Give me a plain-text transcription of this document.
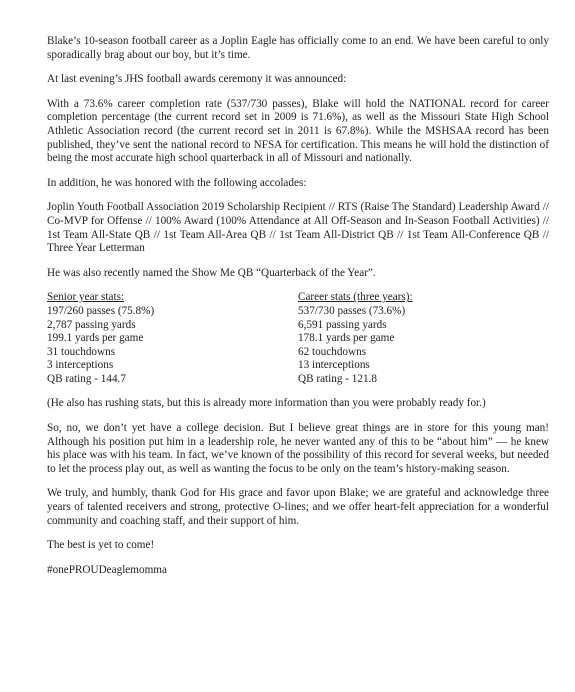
Blake’s 10-season football career as a Joplin Eagle has officially come to an end. We have been careful to only sporadically brag about our boy, but it’s time.

At last evening’s JHS football awards ceremony it was announced:

With a 73.6% career completion rate (537/730 passes), Blake will hold the NATIONAL record for career completion percentage (the current record set in 2009 is 71.6%), as well as the Missouri State High School Athletic Association record (the current record set in 2011 is 67.8%). While the MSHSAA record has been published, they’ve sent the national record to NFSA for certification. This means he will hold the distinction of being the most accurate high school quarterback in all of Missouri and nationally.

In addition, he was honored with the following accolades:

Joplin Youth Football Association 2019 Scholarship Recipient // RTS (Raise The Standard) Leadership Award // Co-MVP for Offense // 100% Award (100% Attendance at All Off-Season and In-Season Football Activities) // 1st Team All-State QB // 1st Team All-Area QB // 1st Team All-District QB // 1st Team All-Conference QB // Three Year Letterman

He was also recently named the Show Me QB “Quarterback of the Year”.

Senior year stats:
197/260 passes (75.8%)
2,787 passing yards
199.1 yards per game
31 touchdowns
3 interceptions
QB rating - 144.7
Career stats (three years):
537/730 passes (73.6%)
6,591 passing yards
178.1 yards per game
62 touchdowns
13 interceptions
QB rating - 121.8

(He also has rushing stats, but this is already more information than you were probably ready for.)

So, no, we don’t yet have a college decision. But I believe great things are in store for this young man! Although his position put him in a leadership role, he never wanted any of this to be “about him” — he knew his place was with his team. In fact, we’ve known of the possibility of this record for several weeks, but needed to let the process play out, as well as wanting the focus to be only on the team’s history-making season.

We truly, and humbly, thank God for His grace and favor upon Blake; we are grateful and acknowledge three years of talented receivers and strong, protective O-lines; and we offer heart-felt appreciation for a wonderful community and coaching staff, and their support of him.

The best is yet to come!

#onePROUDeaglemomma
